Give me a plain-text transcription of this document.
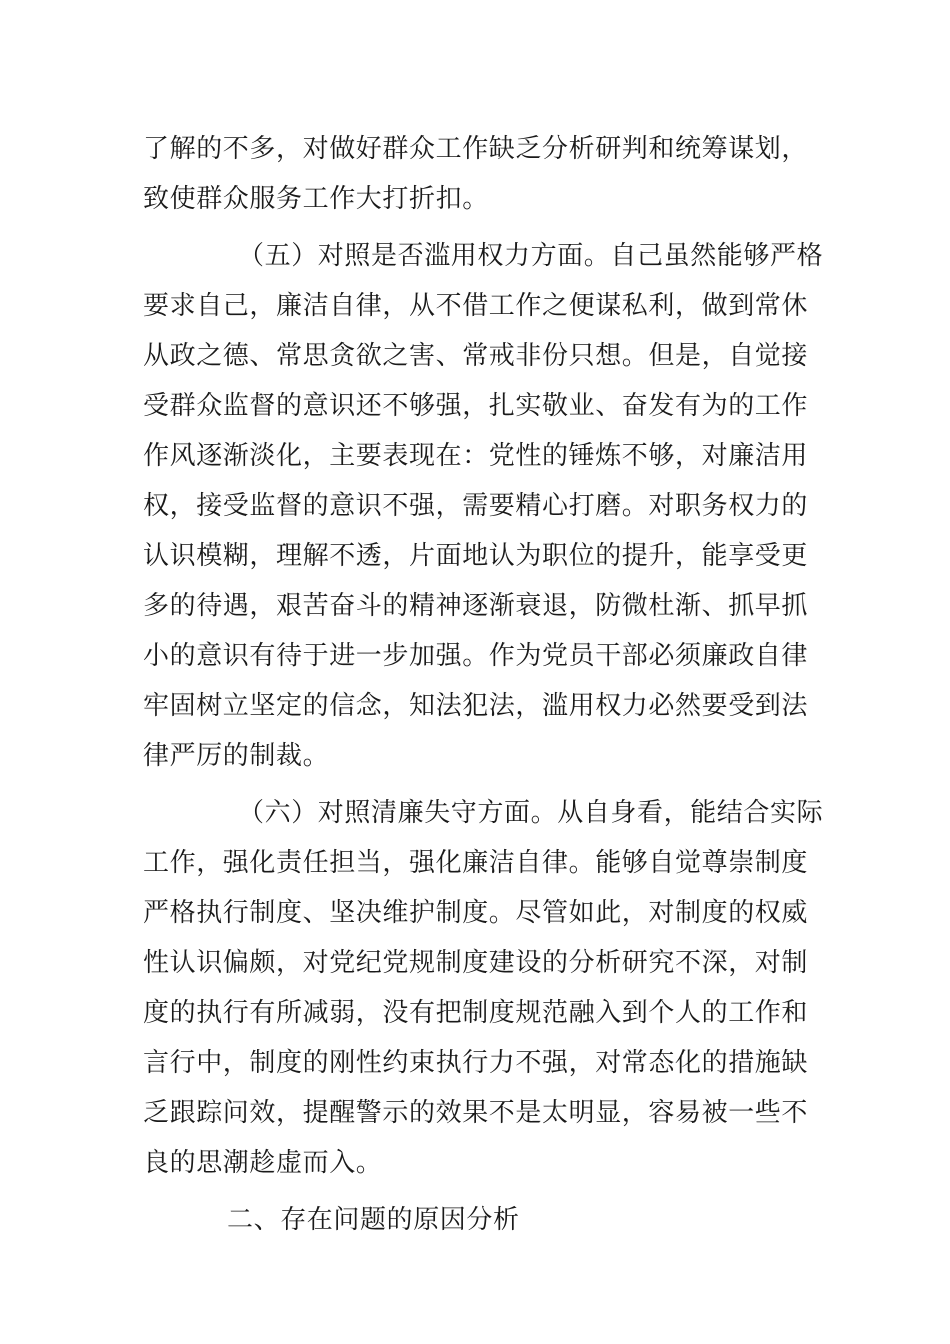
了解的不多，对做好群众工作缺乏分析研判和统筹谋划，
致使群众服务工作大打折扣。
（五）对照是否滥用权力方面。自己虽然能够严格
要求自己，廉洁自律，从不借工作之便谋私利，做到常休
从政之德、常思贪欲之害、常戒非份只想。但是，自觉接
受群众监督的意识还不够强，扎实敬业、奋发有为的工作
作风逐渐淡化，主要表现在：党性的锤炼不够，对廉洁用
权，接受监督的意识不强，需要精心打磨。对职务权力的
认识模糊，理解不透，片面地认为职位的提升，能享受更
多的待遇，艰苦奋斗的精神逐渐衰退，防微杜渐、抓早抓
小的意识有待于进一步加强。作为党员干部必须廉政自律
牢固树立坚定的信念，知法犯法，滥用权力必然要受到法
律严厉的制裁。
（六）对照清廉失守方面。从自身看，能结合实际
工作，强化责任担当，强化廉洁自律。能够自觉尊崇制度
严格执行制度、坚决维护制度。尽管如此，对制度的权威
性认识偏颇，对党纪党规制度建设的分析研究不深，对制
度的执行有所减弱，没有把制度规范融入到个人的工作和
言行中，制度的刚性约束执行力不强，对常态化的措施缺
乏跟踪问效，提醒警示的效果不是太明显，容易被一些不
良的思潮趁虚而入。
二、存在问题的原因分析
